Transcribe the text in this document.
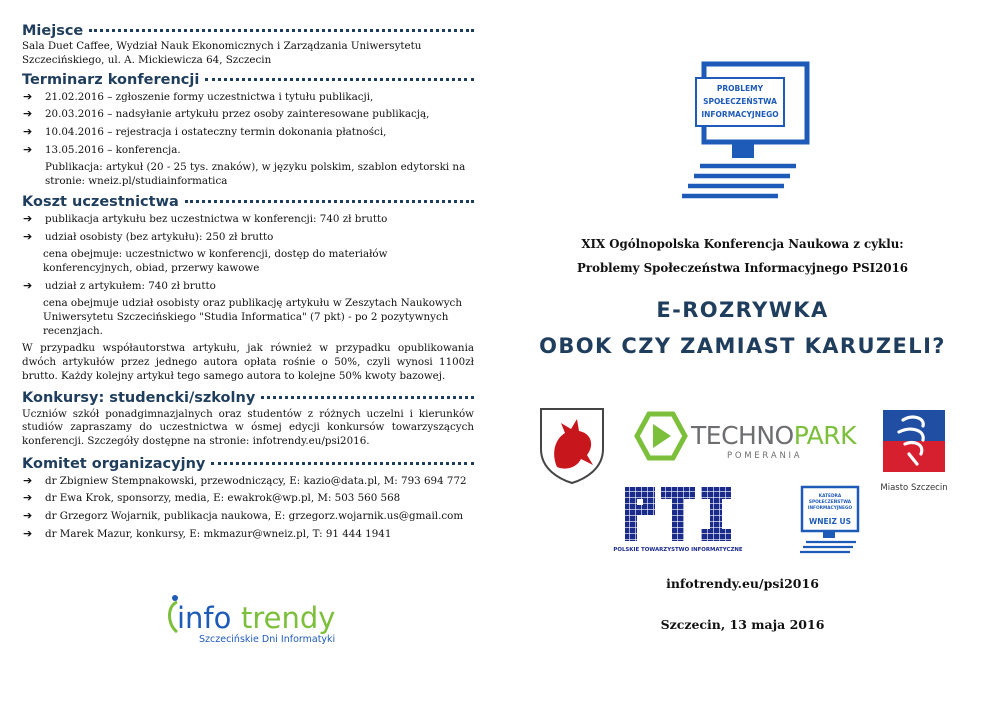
Miejsce
Sala Duet Caffee, Wydział Nauk Ekonomicznych i Zarządzania Uniwersytetu Szczecińskiego, ul. A. Mickiewicza 64, Szczecin
Terminarz konferencji
➔ 21.02.2016 – zgłoszenie formy uczestnictwa i tytułu publikacji,
➔ 20.03.2016 – nadsyłanie artykułu przez osoby zainteresowane publikacją,
➔ 10.04.2016 – rejestracja i ostateczny termin dokonania płatności,
➔ 13.05.2016 – konferencja.
Publikacja: artykuł (20 - 25 tys. znaków), w języku polskim, szablon edytorski na stronie: wneiz.pl/studiainformatica
Koszt uczestnictwa
➔ publikacja artykułu bez uczestnictwa w konferencji: 740 zł brutto
➔ udział osobisty (bez artykułu): 250 zł brutto
cena obejmuje: uczestnictwo w konferencji, dostęp do materiałów konferencyjnych, obiad, przerwy kawowe
➔ udział z artykułem: 740 zł brutto
cena obejmuje udział osobisty oraz publikację artykułu w Zeszytach Naukowych Uniwersytetu Szczecińskiego "Studia Informatica" (7 pkt) - po 2 pozytywnych recenzjach.
W przypadku współautorstwa artykułu, jak również w przypadku opublikowania dwóch artykułów przez jednego autora opłata rośnie o 50%, czyli wynosi 1100zł brutto. Każdy kolejny artykuł tego samego autora to kolejne 50% kwoty bazowej.
Konkursy: studencki/szkolny
Uczniów szkół ponadgimnazjalnych oraz studentów z różnych uczelni i kierunków studiów zapraszamy do uczestnictwa w ósmej edycji konkursów towarzyszących konferencji. Szczegóły dostępne na stronie: infotrendy.eu/psi2016.
Komitet organizacyjny
➔ dr Zbigniew Stempnakowski, przewodniczący, E: kazio@data.pl, M: 793 694 772
➔ dr Ewa Krok, sponsorzy, media, E: ewakrok@wp.pl, M: 503 560 568
➔ dr Grzegorz Wojarnik, publikacja naukowa, E: grzegorz.wojarnik.us@gmail.com
➔ dr Marek Mazur, konkursy, E: mkmazur@wneiz.pl, T: 91 444 1941
info trendy
Szczecińskie Dni Informatyki
PROBLEMY
SPOŁECZEŃSTWA
INFORMACYJNEGO
XIX Ogólnopolska Konferencja Naukowa z cyklu:
Problemy Społeczeństwa Informacyjnego PSI2016
E-ROZRYWKA
OBOK CZY ZAMIAST KARUZELI?
TECHNOPARK
P O M E R A N I A
Miasto Szczecin
POLSKIE TOWARZYSTWO INFORMATYCZNE
KATEDRA
SPOŁECZEŃSTWA
INFORMACYJNEGO
WNEIZ US
infotrendy.eu/psi2016
Szczecin, 13 maja 2016
